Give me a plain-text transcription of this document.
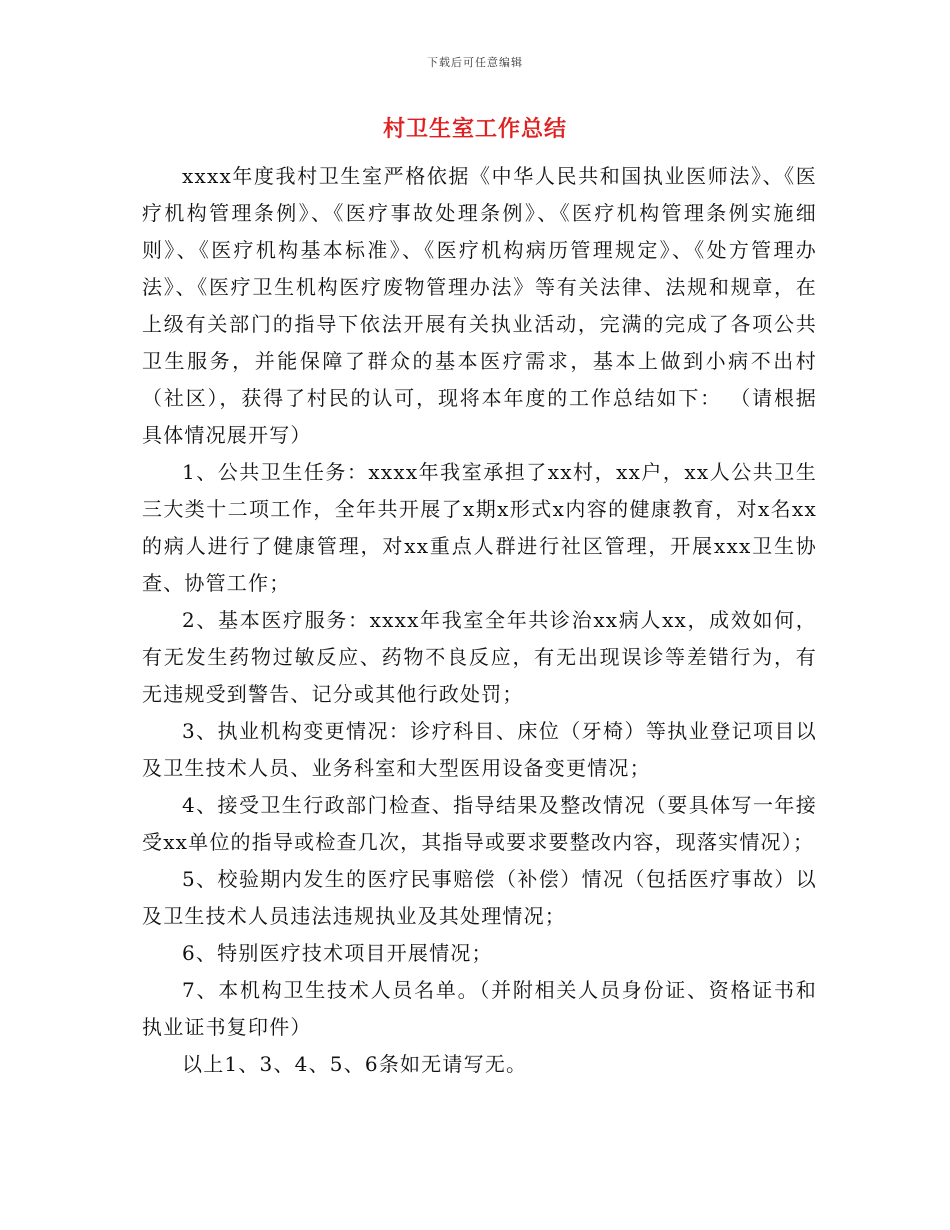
下载后可任意编辑
村卫生室工作总结

xxxx年度我村卫生室严格依据《中华人民共和国执业医师法》、《医疗机构管理条例》、《医疗事故处理条例》、《医疗机构管理条例实施细则》、《医疗机构基本标准》、《医疗机构病历管理规定》、《处方管理办法》、《医疗卫生机构医疗废物管理办法》等有关法律、法规和规章，在上级有关部门的指导下依法开展有关执业活动，完满的完成了各项公共卫生服务，并能保障了群众的基本医疗需求，基本上做到小病不出村（社区），获得了村民的认可，现将本年度的工作总结如下： （请根据具体情况展开写）

1、公共卫生任务：xxxx年我室承担了xx村，xx户，xx人公共卫生三大类十二项工作，全年共开展了x期x形式x内容的健康教育，对x名xx的病人进行了健康管理，对xx重点人群进行社区管理，开展xxx卫生协查、协管工作；

2、基本医疗服务：xxxx年我室全年共诊治xx病人xx，成效如何，有无发生药物过敏反应、药物不良反应，有无出现误诊等差错行为，有无违规受到警告、记分或其他行政处罚；

3、执业机构变更情况：诊疗科目、床位（牙椅）等执业登记项目以及卫生技术人员、业务科室和大型医用设备变更情况；

4、接受卫生行政部门检查、指导结果及整改情况（要具体写一年接受xx单位的指导或检查几次，其指导或要求要整改内容，现落实情况）；

5、校验期内发生的医疗民事赔偿（补偿）情况（包括医疗事故）以及卫生技术人员违法违规执业及其处理情况；

6、特别医疗技术项目开展情况；

7、本机构卫生技术人员名单。（并附相关人员身份证、资格证书和执业证书复印件）

以上1、3、4、5、6条如无请写无。
